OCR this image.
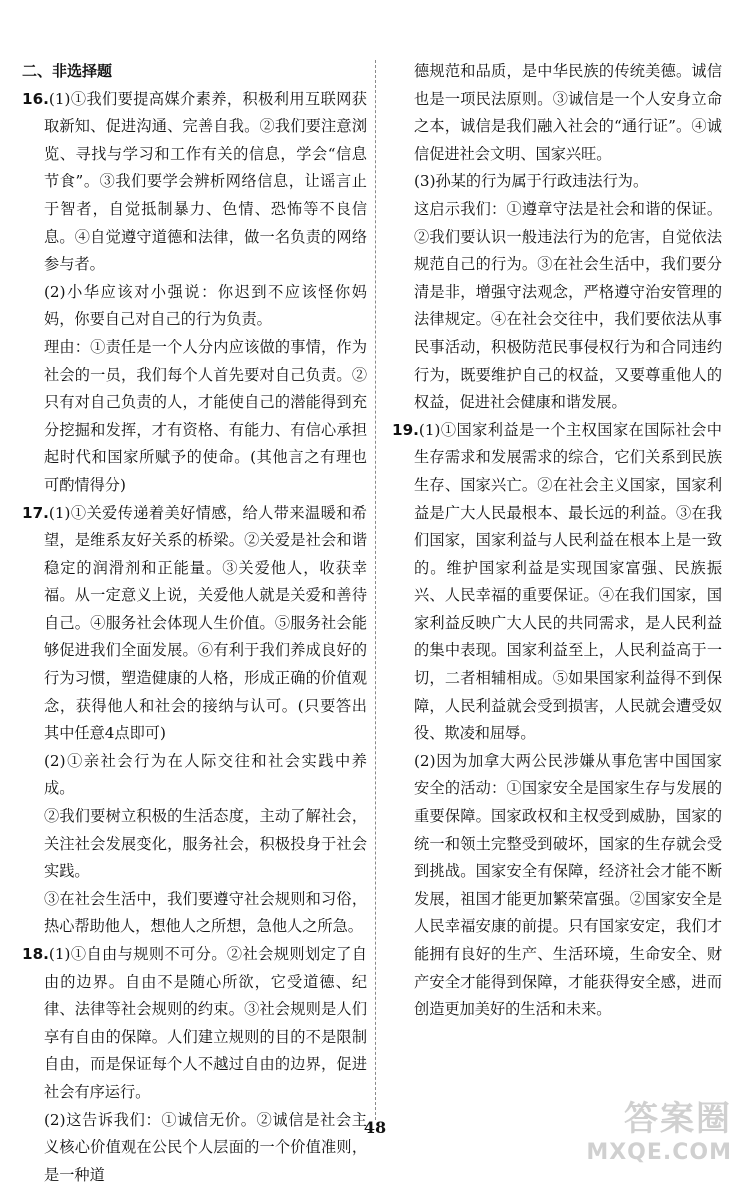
二、非选择题

16.(1)①我们要提高媒介素养，积极利用互联网获取新知、促进沟通、完善自我。②我们要注意浏览、寻找与学习和工作有关的信息，学会“信息节食”。③我们要学会辨析网络信息，让谣言止于智者，自觉抵制暴力、色情、恐怖等不良信息。④自觉遵守道德和法律，做一名负责的网络参与者。

(2)小华应该对小强说：你迟到不应该怪你妈妈，你要自己对自己的行为负责。

理由：①责任是一个人分内应该做的事情，作为社会的一员，我们每个人首先要对自己负责。②只有对自己负责的人，才能使自己的潜能得到充分挖掘和发挥，才有资格、有能力、有信心承担起时代和国家所赋予的使命。(其他言之有理也可酌情得分)

17.(1)①关爱传递着美好情感，给人带来温暖和希望，是维系友好关系的桥梁。②关爱是社会和谐稳定的润滑剂和正能量。③关爱他人，收获幸福。从一定意义上说，关爱他人就是关爱和善待自己。④服务社会体现人生价值。⑤服务社会能够促进我们全面发展。⑥有利于我们养成良好的行为习惯，塑造健康的人格，形成正确的价值观念，获得他人和社会的接纳与认可。(只要答出其中任意4点即可)

(2)①亲社会行为在人际交往和社会实践中养成。

②我们要树立积极的生活态度，主动了解社会，关注社会发展变化，服务社会，积极投身于社会实践。

③在社会生活中，我们要遵守社会规则和习俗，热心帮助他人，想他人之所想，急他人之所急。

18.(1)①自由与规则不可分。②社会规则划定了自由的边界。自由不是随心所欲，它受道德、纪律、法律等社会规则的约束。③社会规则是人们享有自由的保障。人们建立规则的目的不是限制自由，而是保证每个人不越过自由的边界，促进社会有序运行。

(2)这告诉我们：①诚信无价。②诚信是社会主义核心价值观在公民个人层面的一个价值准则，是一种道

德规范和品质，是中华民族的传统美德。诚信也是一项民法原则。③诚信是一个人安身立命之本，诚信是我们融入社会的“通行证”。④诚信促进社会文明、国家兴旺。

(3)孙某的行为属于行政违法行为。

这启示我们：①遵章守法是社会和谐的保证。②我们要认识一般违法行为的危害，自觉依法规范自己的行为。③在社会生活中，我们要分清是非，增强守法观念，严格遵守治安管理的法律规定。④在社会交往中，我们要依法从事民事活动，积极防范民事侵权行为和合同违约行为，既要维护自己的权益，又要尊重他人的权益，促进社会健康和谐发展。

19.(1)①国家利益是一个主权国家在国际社会中生存需求和发展需求的综合，它们关系到民族生存、国家兴亡。②在社会主义国家，国家利益是广大人民最根本、最长远的利益。③在我们国家，国家利益与人民利益在根本上是一致的。维护国家利益是实现国家富强、民族振兴、人民幸福的重要保证。④在我们国家，国家利益反映广大人民的共同需求，是人民利益的集中表现。国家利益至上，人民利益高于一切，二者相辅相成。⑤如果国家利益得不到保障，人民利益就会受到损害，人民就会遭受奴役、欺凌和屈辱。

(2)因为加拿大两公民涉嫌从事危害中国国家安全的活动：①国家安全是国家生存与发展的重要保障。国家政权和主权受到威胁，国家的统一和领土完整受到破坏，国家的生存就会受到挑战。国家安全有保障，经济社会才能不断发展，祖国才能更加繁荣富强。②国家安全是人民幸福安康的前提。只有国家安定，我们才能拥有良好的生产、生活环境，生命安全、财产安全才能得到保障，才能获得安全感，进而创造更加美好的生活和未来。

48	答案圈
MXQE.COM
